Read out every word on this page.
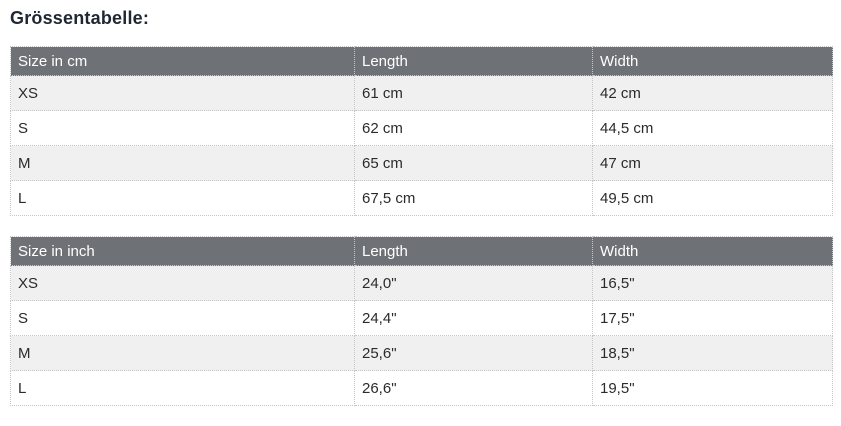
Grössentabelle:
Size in cm	Length	Width
XS	61 cm	42 cm
S	62 cm	44,5 cm
M	65 cm	47 cm
L	67,5 cm	49,5 cm
Size in inch	Length	Width
XS	24,0"	16,5"
S	24,4"	17,5"
M	25,6"	18,5"
L	26,6"	19,5"
